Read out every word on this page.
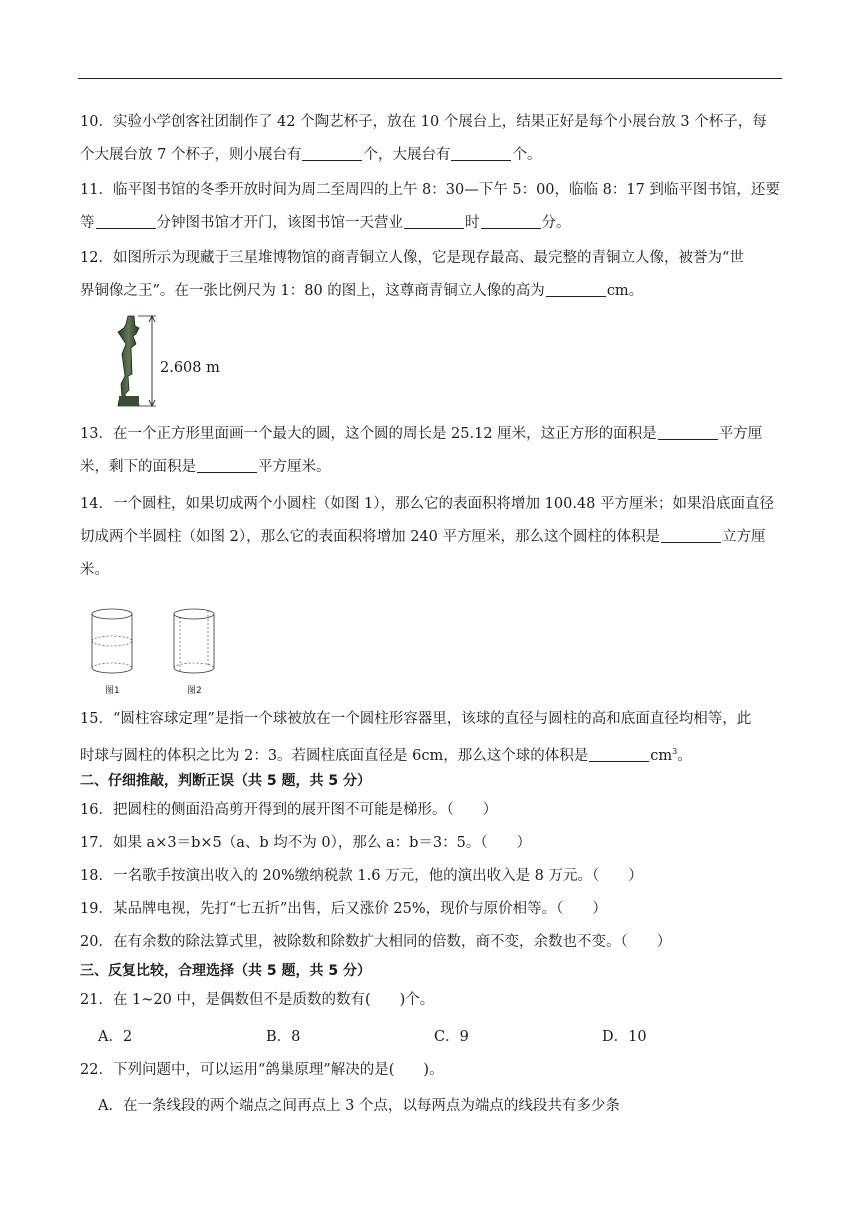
10．实验小学创客社团制作了 42 个陶艺杯子，放在 10 个展台上，结果正好是每个小展台放 3 个杯子，每
个大展台放 7 个杯子，则小展台有	个，大展台有	个。
11．临平图书馆的冬季开放时间为周二至周四的上午 8：30—下午 5：00，临临 8：17 到临平图书馆，还要
等	分钟图书馆才开门，该图书馆一天营业	时	分。
12．如图所示为现藏于三星堆博物馆的商青铜立人像，它是现存最高、最完整的青铜立人像，被誉为“世
界铜像之王”。在一张比例尺为 1：80 的图上，这尊商青铜立人像的高为	cm。
2.608 m
13．在一个正方形里面画一个最大的圆，这个圆的周长是 25.12 厘米，这正方形的面积是	平方厘
米，剩下的面积是	平方厘米。
14．一个圆柱，如果切成两个小圆柱（如图 1），那么它的表面积将增加 100.48 平方厘米；如果沿底面直径
切成两个半圆柱（如图 2），那么它的表面积将增加 240 平方厘米，那么这个圆柱的体积是	立方厘
米。
图1	图2
15．“圆柱容球定理”是指一个球被放在一个圆柱形容器里，该球的直径与圆柱的高和底面直径均相等，此
时球与圆柱的体积之比为 2：3。若圆柱底面直径是 6cm，那么这个球的体积是	$cm^3$。
二、仔细推敲，判断正误（共 5 题，共 5 分）
16．把圆柱的侧面沿高剪开得到的展开图不可能是梯形。（　　）
17．如果 a×3＝b×5（a、b 均不为 0），那么 a：b＝3：5。（　　）
18．一名歌手按演出收入的 20%缴纳税款 1.6 万元，他的演出收入是 8 万元。（　　）
19．某品牌电视，先打“七五折”出售，后又涨价 25%，现价与原价相等。（　　）
20．在有余数的除法算式里，被除数和除数扩大相同的倍数，商不变，余数也不变。（　　）
三、反复比较，合理选择（共 5 题，共 5 分）
21．在 1~20 中，是偶数但不是质数的数有(　　)个。
A．2	B．8	C．9	D．10
22．下列问题中，可以运用“鸽巢原理”解决的是(　　)。
A．在一条线段的两个端点之间再点上 3 个点，以每两点为端点的线段共有多少条
